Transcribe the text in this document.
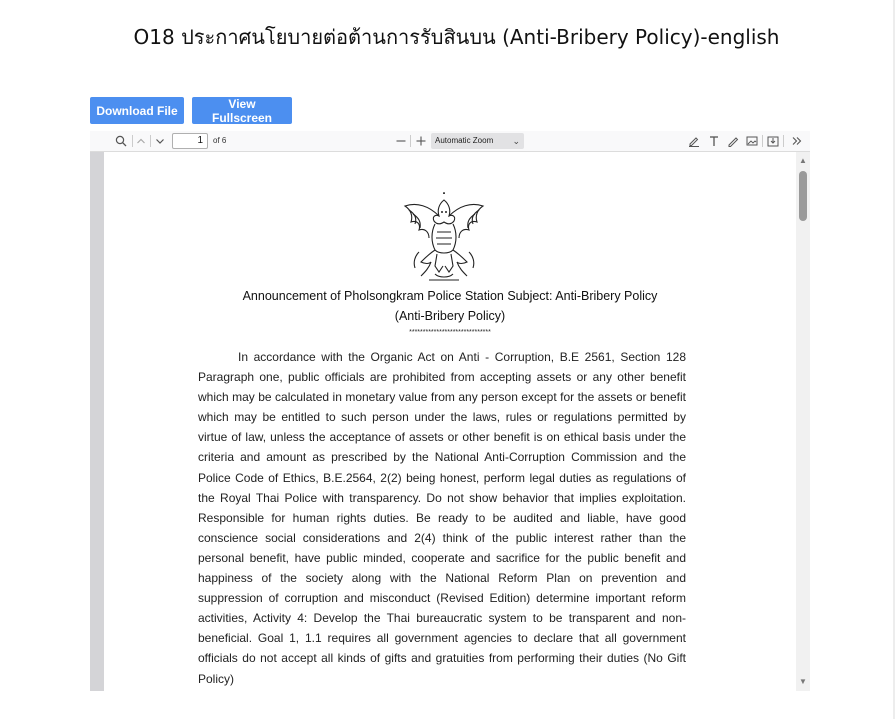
O18 ประกาศนโยบายต่อต้านการรับสินบน (Anti-Bribery Policy)-english
Download File	View Fullscreen
1	of 6	Automatic Zoom ⌄
Announcement of Pholsongkram Police Station Subject: Anti-Bribery Policy
(Anti-Bribery Policy)
******************************

In accordance with the Organic Act on Anti - Corruption, B.E 2561, Section 128 Paragraph one, public officials are prohibited from accepting assets or any other benefit which may be calculated in monetary value from any person except for the assets or benefit which may be entitled to such person under the laws, rules or regulations permitted by virtue of law, unless the acceptance of assets or other benefit is on ethical basis under the criteria and amount as prescribed by the National Anti-Corruption Commission and the Police Code of Ethics, B.E.2564, 2(2) being honest, perform legal duties as regulations of the Royal Thai Police with transparency. Do not show behavior that implies exploitation. Responsible for human rights duties. Be ready to be audited and liable, have good conscience social considerations and 2(4) think of the public interest rather than the personal benefit, have public minded, cooperate and sacrifice for the public benefit and happiness of the society along with the National Reform Plan on prevention and suppression of corruption and misconduct (Revised Edition) determine important reform activities, Activity 4: Develop the Thai bureaucratic system to be transparent and non-beneficial. Goal 1, 1.1 requires all government agencies to declare that all government officials do not accept all kinds of gifts and gratuities from performing their duties (No Gift Policy)

▲
▼
